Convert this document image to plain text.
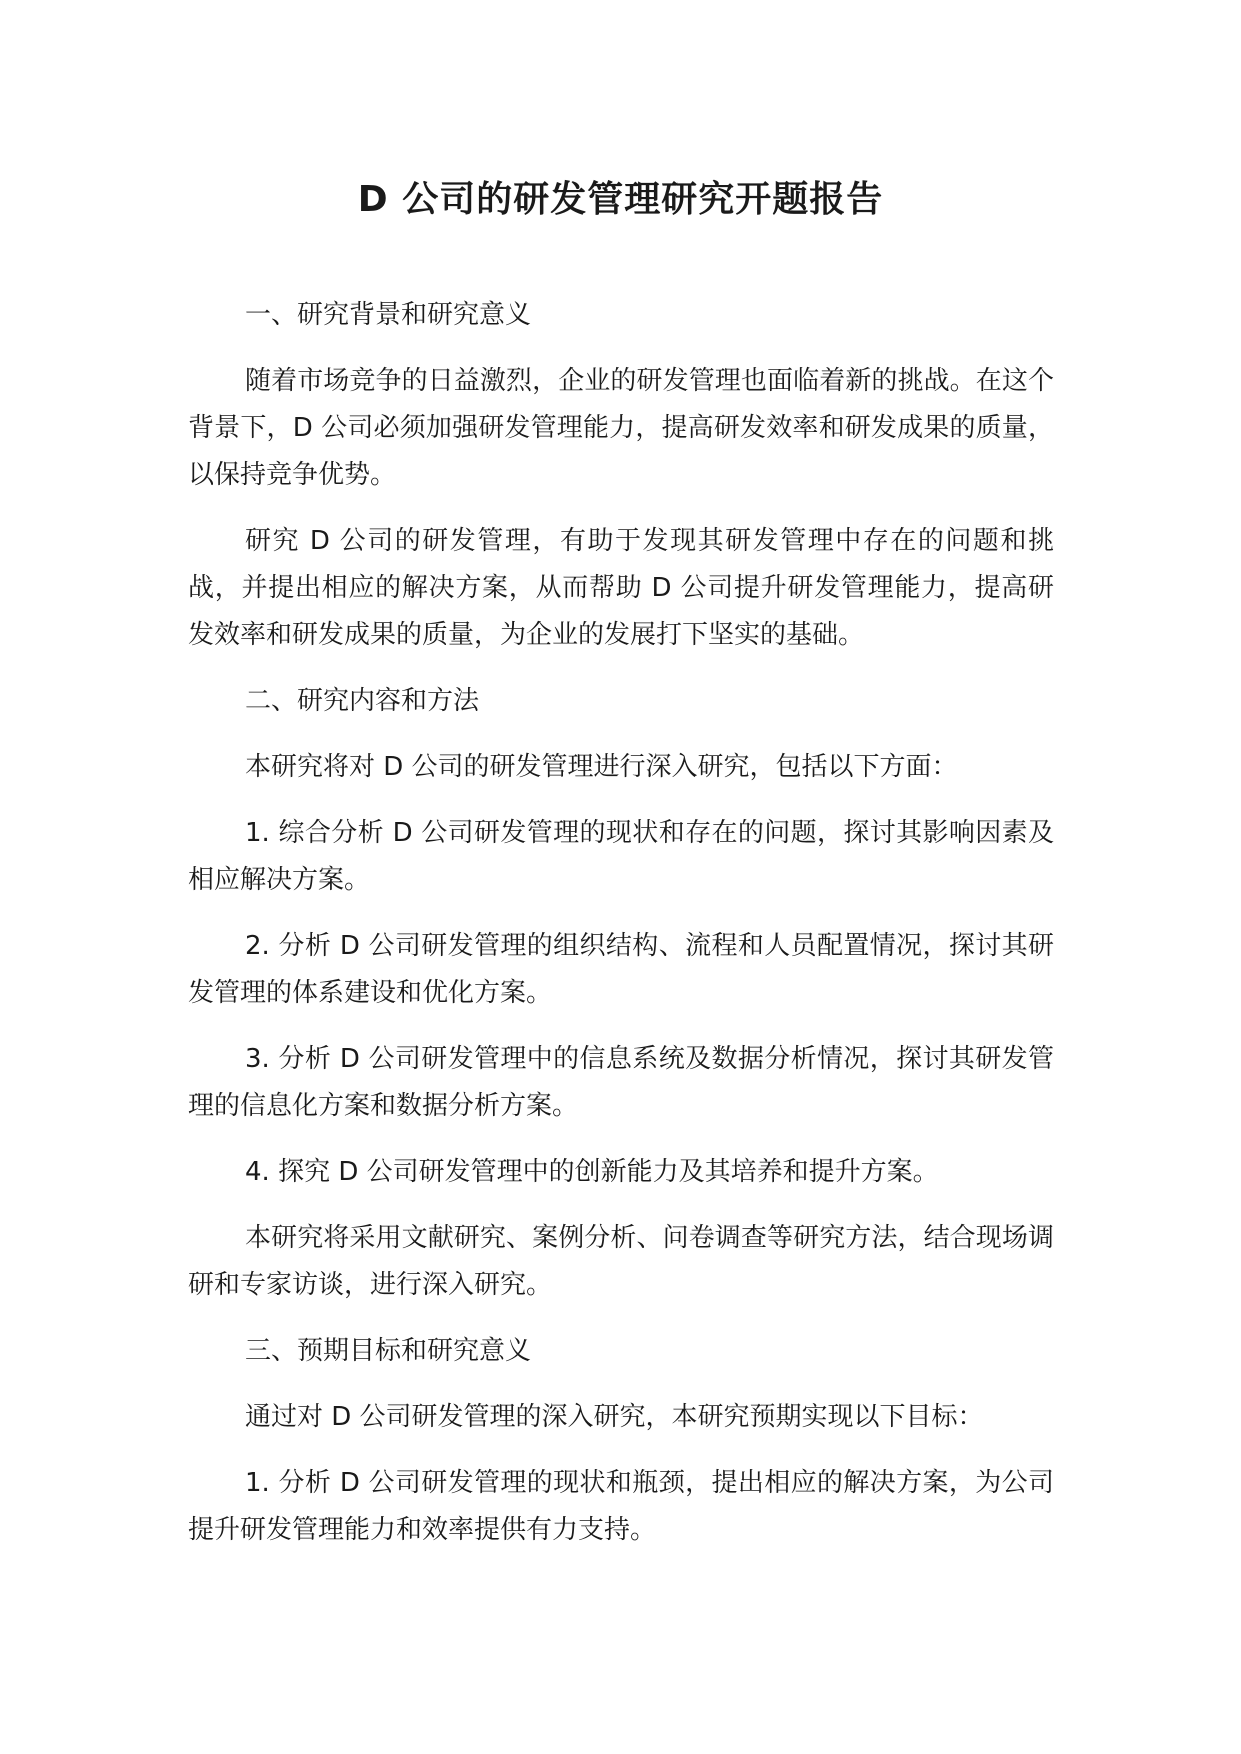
D 公司的研发管理研究开题报告

一、研究背景和研究意义

随着市场竞争的日益激烈，企业的研发管理也面临着新的挑战。在这个背景下，D 公司必须加强研发管理能力，提高研发效率和研发成果的质量，以保持竞争优势。

研究 D 公司的研发管理，有助于发现其研发管理中存在的问题和挑战，并提出相应的解决方案，从而帮助 D 公司提升研发管理能力，提高研发效率和研发成果的质量，为企业的发展打下坚实的基础。

二、研究内容和方法

本研究将对 D 公司的研发管理进行深入研究，包括以下方面：

1. 综合分析 D 公司研发管理的现状和存在的问题，探讨其影响因素及相应解决方案。

2. 分析 D 公司研发管理的组织结构、流程和人员配置情况，探讨其研发管理的体系建设和优化方案。

3. 分析 D 公司研发管理中的信息系统及数据分析情况，探讨其研发管理的信息化方案和数据分析方案。

4. 探究 D 公司研发管理中的创新能力及其培养和提升方案。

本研究将采用文献研究、案例分析、问卷调查等研究方法，结合现场调研和专家访谈，进行深入研究。

三、预期目标和研究意义

通过对 D 公司研发管理的深入研究，本研究预期实现以下目标：

1. 分析 D 公司研发管理的现状和瓶颈，提出相应的解决方案，为公司提升研发管理能力和效率提供有力支持。
